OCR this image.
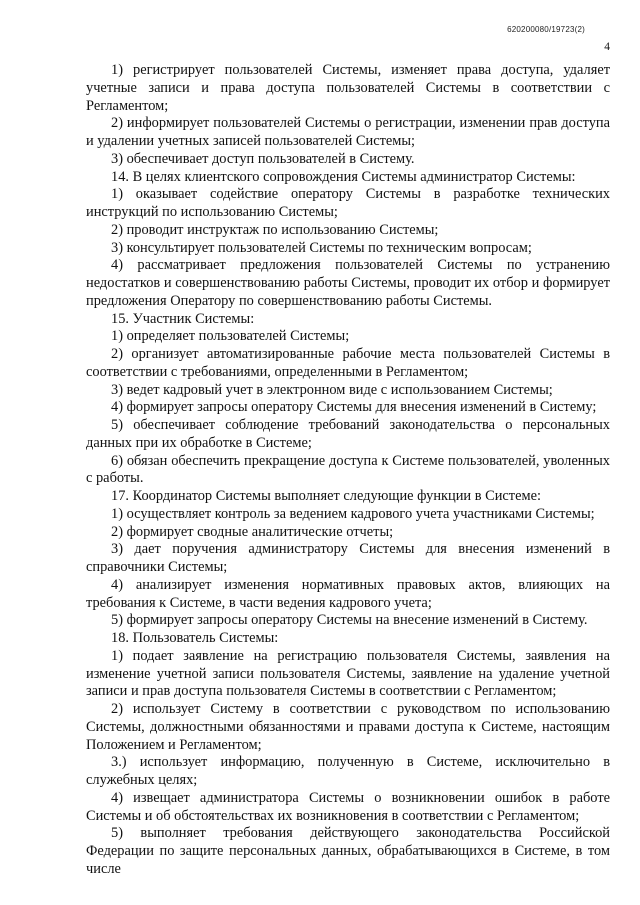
620200080/19723(2)
4

1) регистрирует пользователей Системы, изменяет права доступа, удаляет учетные записи и права доступа пользователей Системы в соответствии с Регламентом;

2) информирует пользователей Системы о регистрации, изменении прав доступа и удалении учетных записей пользователей Системы;

3) обеспечивает доступ пользователей в Систему.

14. В целях клиентского сопровождения Системы администратор Системы:

1) оказывает содействие оператору Системы в разработке технических инструкций по использованию Системы;

2) проводит инструктаж по использованию Системы;

3) консультирует пользователей Системы по техническим вопросам;

4) рассматривает предложения пользователей Системы по устранению недостатков и совершенствованию работы Системы, проводит их отбор и формирует предложения Оператору по совершенствованию работы Системы.

15. Участник Системы:

1) определяет пользователей Системы;

2) организует автоматизированные рабочие места пользователей Системы в соответствии с требованиями, определенными в Регламентом;

3) ведет кадровый учет в электронном виде с использованием Системы;

4) формирует запросы оператору Системы для внесения изменений в Систему;

5) обеспечивает соблюдение требований законодательства о персональных данных при их обработке в Системе;

6) обязан обеспечить прекращение доступа к Системе пользователей, уволенных с работы.

17. Координатор Системы выполняет следующие функции в Системе:

1) осуществляет контроль за ведением кадрового учета участниками Системы;

2) формирует сводные аналитические отчеты;

3) дает поручения администратору Системы для внесения изменений в справочники Системы;

4) анализирует изменения нормативных правовых актов, влияющих на требования к Системе, в части ведения кадрового учета;

5) формирует запросы оператору Системы на внесение изменений в Систему.

18. Пользователь Системы:

1) подает заявление на регистрацию пользователя Системы, заявления на изменение учетной записи пользователя Системы, заявление на удаление учетной записи и прав доступа пользователя Системы в соответствии с Регламентом;

2) использует Систему в соответствии с руководством по использованию Системы, должностными обязанностями и правами доступа к Системе, настоящим Положением и Регламентом;

3.) использует информацию, полученную в Системе, исключительно в служебных целях;

4) извещает администратора Системы о возникновении ошибок в работе Системы и об обстоятельствах их возникновения в соответствии с Регламентом;

5) выполняет требования действующего законодательства Российской Федерации по защите персональных данных, обрабатывающихся в Системе, в том числе
